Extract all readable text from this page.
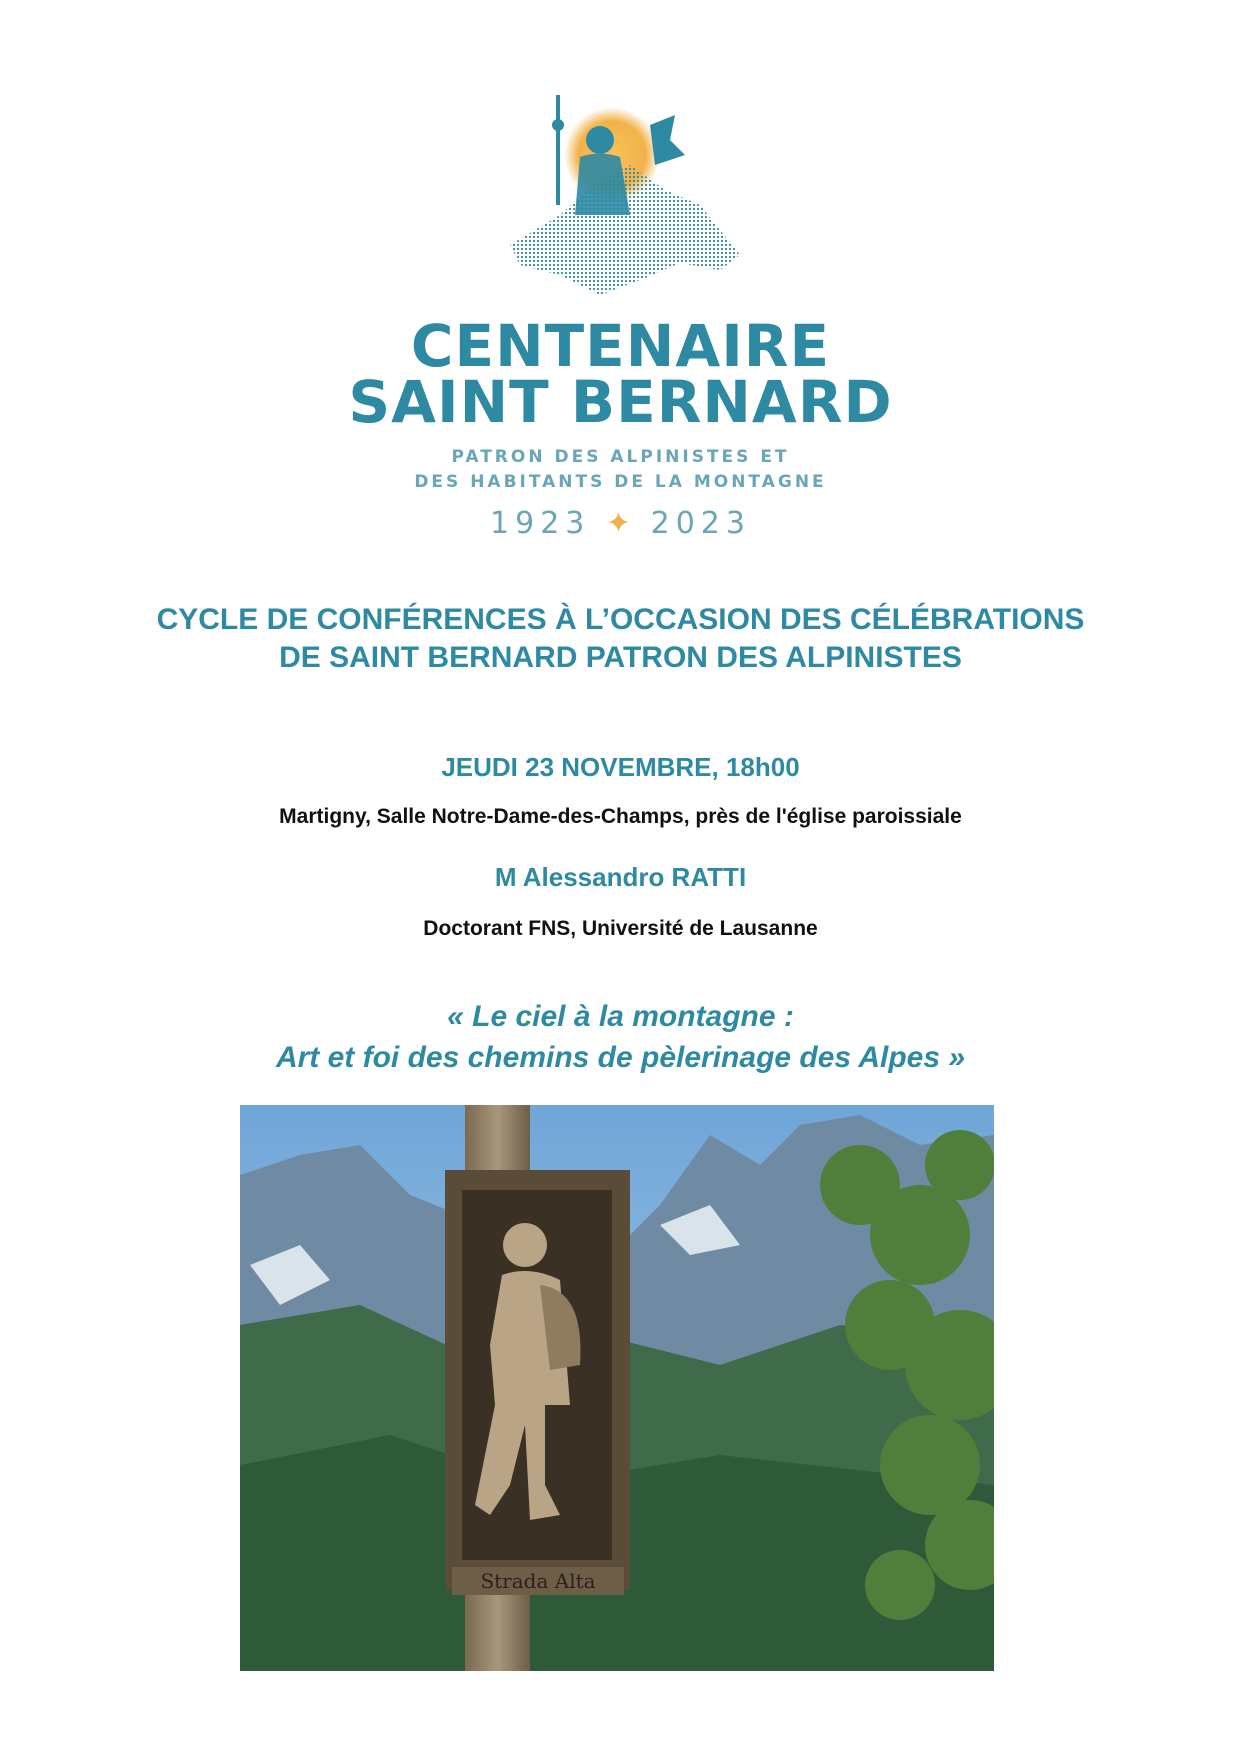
CENTENAIRE
SAINT BERNARD
PATRON DES ALPINISTES ET
DES HABITANTS DE LA MONTAGNE
1923 ✦ 2023
CYCLE DE CONFÉRENCES À L’OCCASION DES CÉLÉBRATIONS
DE SAINT BERNARD PATRON DES ALPINISTES
JEUDI 23 NOVEMBRE, 18h00
Martigny, Salle Notre-Dame-des-Champs, près de l'église paroissiale
M Alessandro RATTI
Doctorant FNS, Université de Lausanne
« Le ciel à la montagne :
Art et foi des chemins de pèlerinage des Alpes »
Strada Alta
